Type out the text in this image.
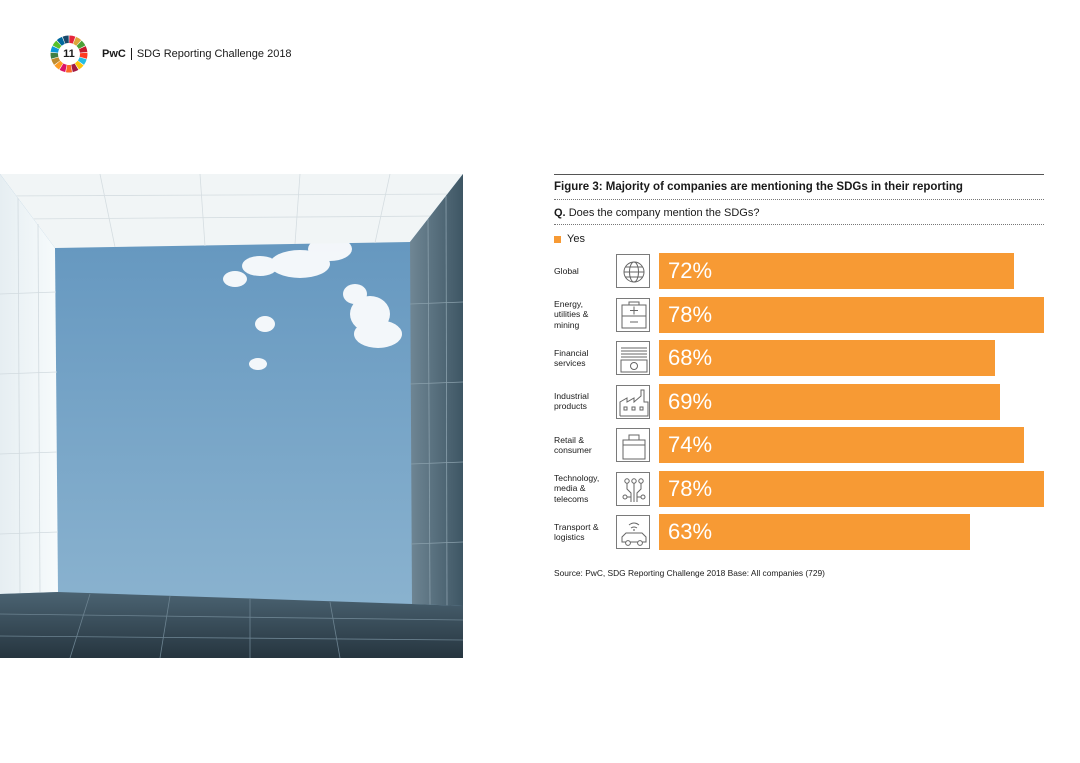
11	PwC SDG Reporting Challenge 2018
Figure 3: Majority of companies are mentioning the SDGs in their reporting
Q. Does the company mention the SDGs?
Yes
Global	72%
Energy,
utilities &
mining	78%
Financial
services	68%
Industrial
products	69%
Retail &
consumer	74%
Technology,
media &
telecoms	78%
Transport &
logistics	63%
Source: PwC, SDG Reporting Challenge 2018 Base: All companies (729)
